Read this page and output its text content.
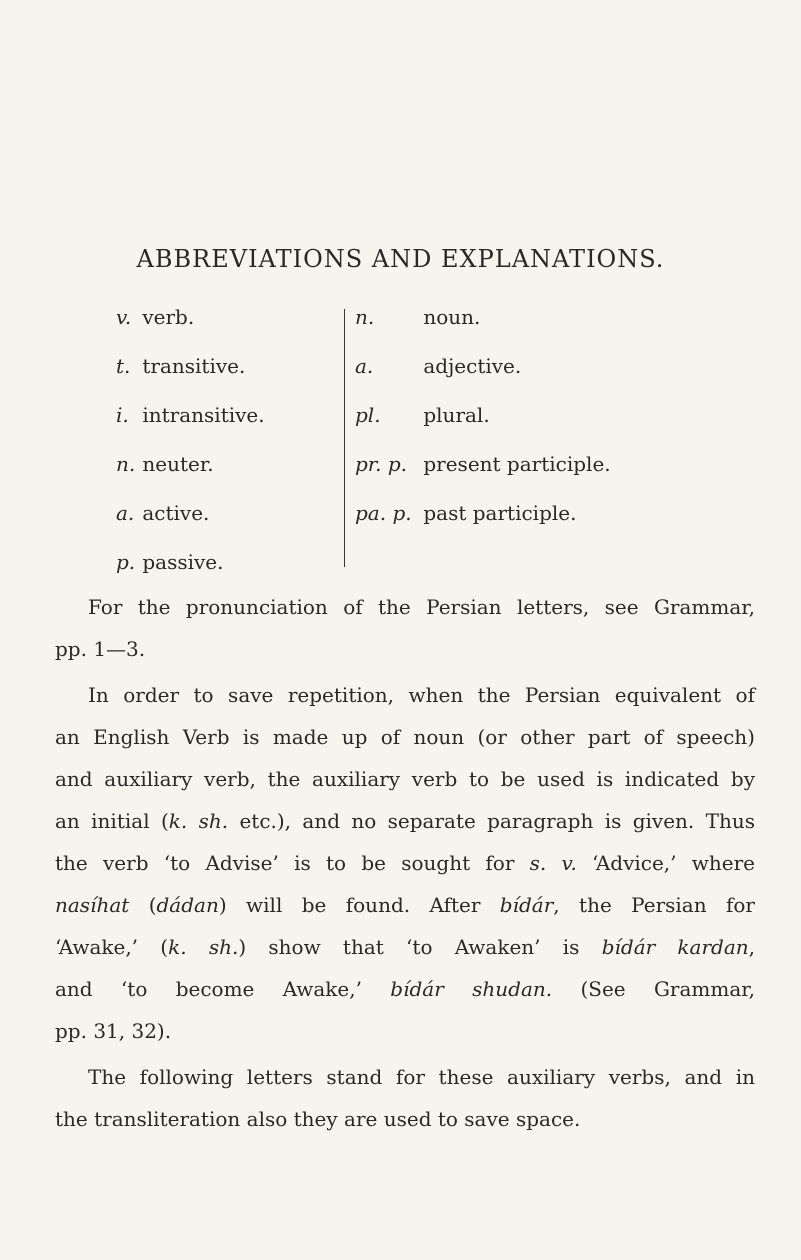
ABBREVIATIONS AND EXPLANATIONS.
v. verb.
t. transitive.
i. intransitive.
n. neuter.
a. active.
p. passive.
n. noun.
a.	adjective.
pl. plural.
pr. p. present participle.
pa. p. past participle.

For the pronunciation of the Persian letters, see Grammar,
pp. 1—3.

In order to save repetition, when the Persian equivalent of
an English Verb is made up of noun (or other part of speech)
and auxiliary verb, the auxiliary verb to be used is indicated by
an initial (k. sh. etc.), and no separate paragraph is given. Thus
the verb ‘to Advise’ is to be sought for s. v. ‘Advice,’ where
nasíhat (dádan) will be found. After bídár, the Persian for
‘Awake,’ (k. sh.) show that ‘to Awaken’ is bídár kardan,
and ‘to become Awake,’ bídár shudan. (See Grammar,
pp. 31, 32).

The following letters stand for these auxiliary verbs, and in
the transliteration also they are used to save space.
